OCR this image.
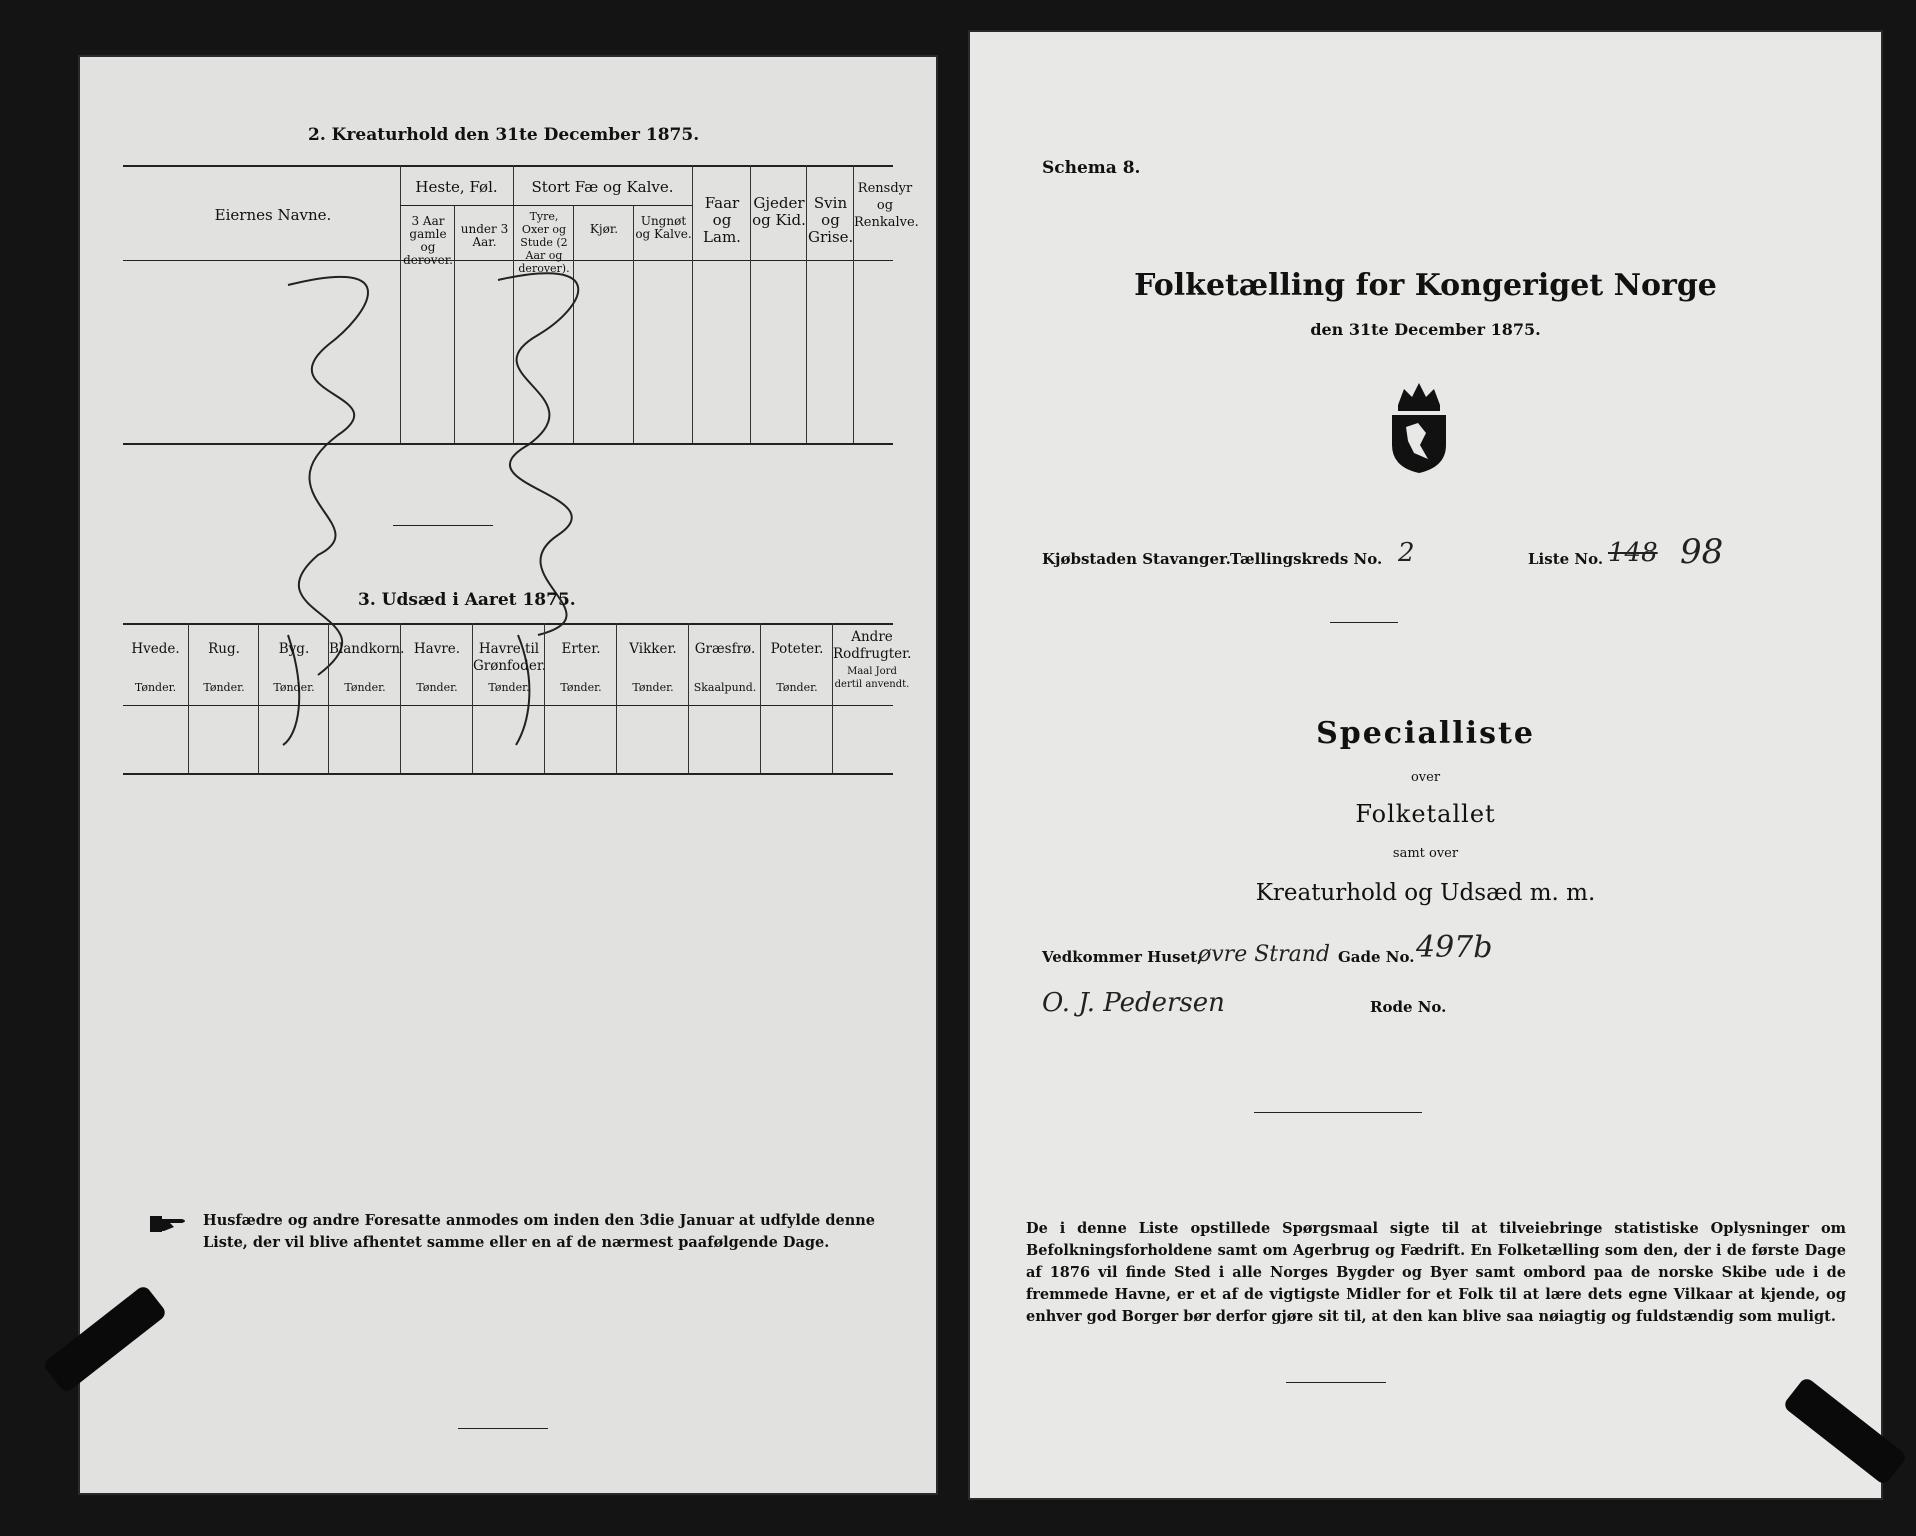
2. Kreaturhold den 31te December 1875.
Eiernes Navne.
Heste, Føl.
3 Aar gamle og derover.
under 3 Aar.
Stort Fæ og Kalve.
Tyre, Oxer og Stude (2 Aar og derover).
Kjør.
Ungnøt og Kalve.
Faar og Lam.
Gjeder og Kid.
Svin og Grise.
Rensdyr og Renkalve.
3. Udsæd i Aaret 1875.
Hvede.
Tønder.
Rug.
Tønder.
Byg.
Tønder.
Blandkorn.
Tønder.
Havre.
Tønder.
Havre til Grønfoder.
Tønder.
Erter.
Tønder.
Vikker.
Tønder.
Græsfrø.
Skaalpund.
Poteter.
Tønder.
Andre Rodfrugter.
Maal Jord dertil anvendt.
Husfædre og andre Foresatte anmodes om inden den 3die Januar at udfylde denne Liste, der vil blive afhentet samme eller en af de nærmest paafølgende Dage.
Schema 8.
Folketælling for Kongeriget Norge
den 31te December 1875.
Kjøbstaden Stavanger. Tællingskreds No. 2	Liste No. 148 98
Specialliste
over
Folketallet
samt over
Kreaturhold og Udsæd m. m.
Vedkommer Huset,
øvre Strand Gade No. 497b
O. J. Pedersen	Rode No.
De i denne Liste opstillede Spørgsmaal sigte til at tilveiebringe statistiske Oplysninger om Befolkningsforholdene samt om Agerbrug og Fædrift. En Folketælling som den, der i de første Dage af 1876 vil finde Sted i alle Norges Bygder og Byer samt ombord paa de norske Skibe ude i de fremmede Havne, er et af de vigtigste Midler for et Folk til at lære dets egne Vilkaar at kjende, og enhver god Borger bør derfor gjøre sit til, at den kan blive saa nøiagtig og fuldstændig som muligt.
